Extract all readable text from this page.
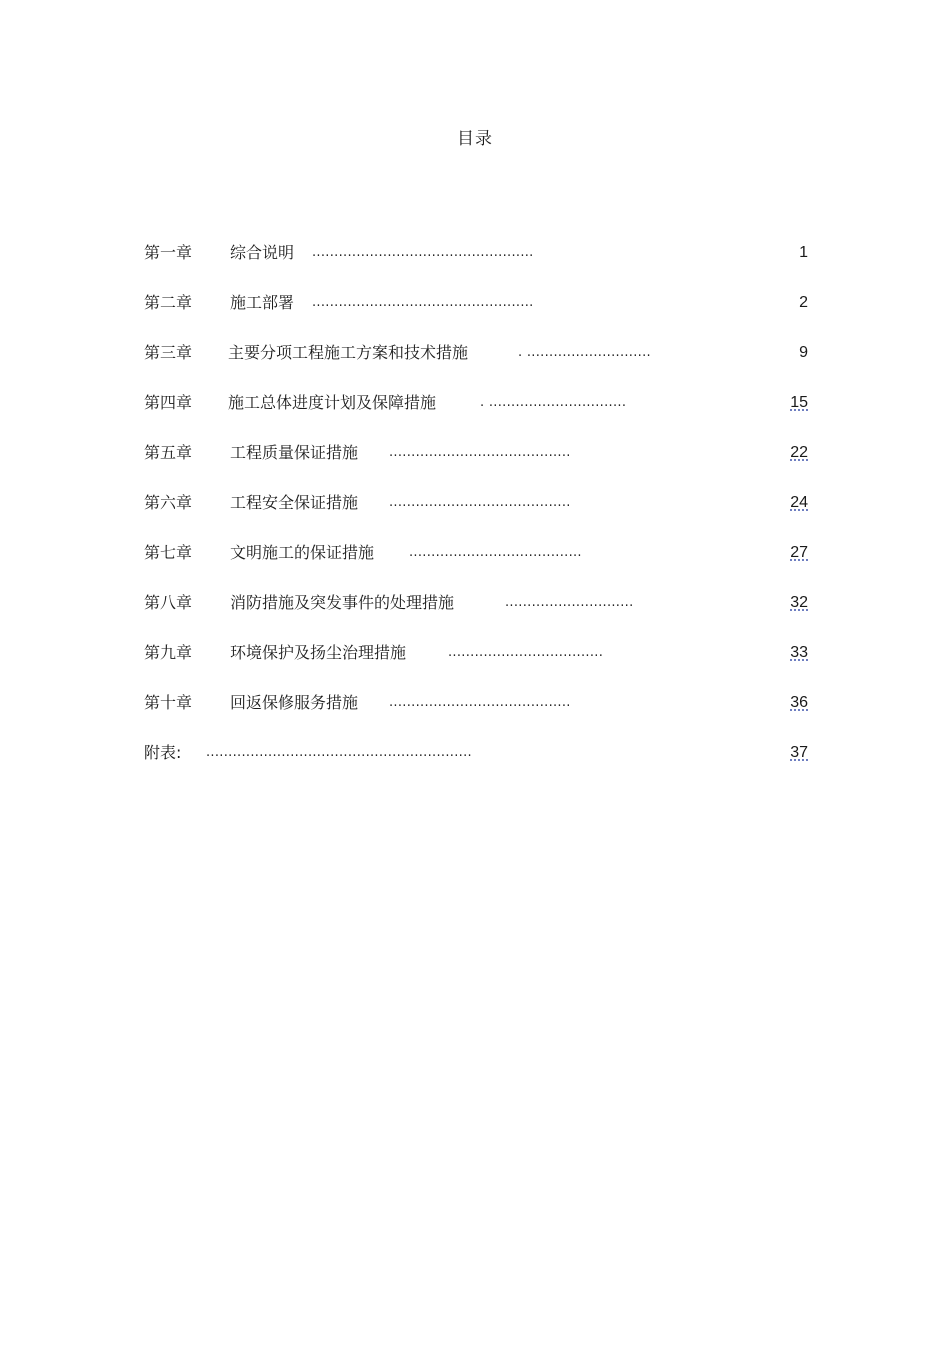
目录
第一章 综合说明 ..................................................	1
第二章 施工部署 ..................................................	2
第三章 主要分项工程施工方案和技术措施	. ............................	9
第四章 施工总体进度计划及保障措施	. ...............................	15
第五章 工程质量保证措施 .........................................	22
第六章 工程安全保证措施 .........................................	24
第七章 文明施工的保证措施	.......................................	27
第八章 消防措施及突发事件的处理措施	.............................	32
第九章 环境保护及扬尘治理措施	...................................	33
第十章 回返保修服务措施 .........................................	36
附表: ............................................................	37
